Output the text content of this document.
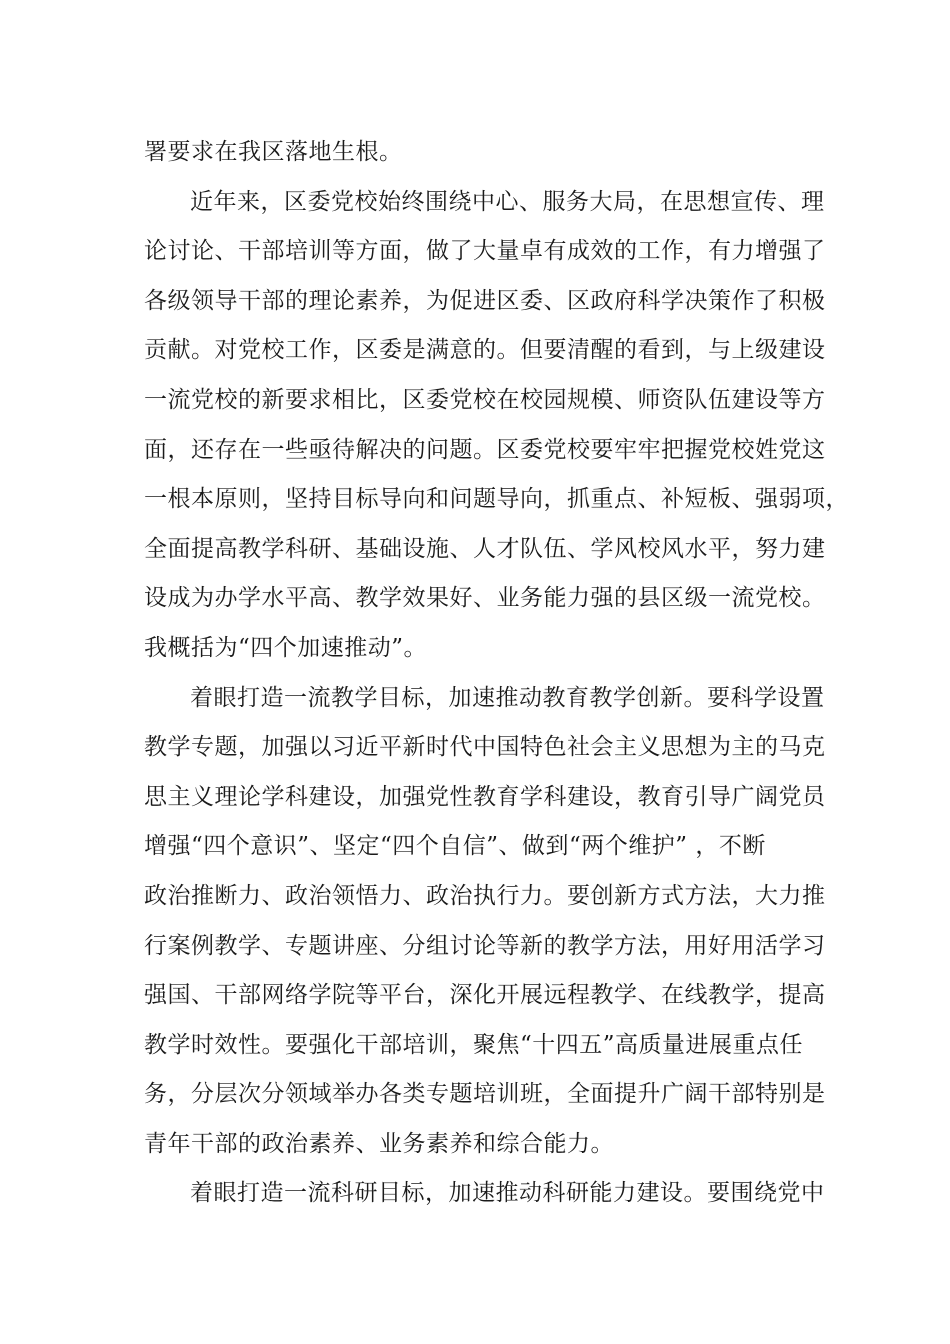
署要求在我区落地生根。
近年来，区委党校始终围绕中心、服务大局，在思想宣传、理
论讨论、干部培训等方面，做了大量卓有成效的工作，有力增强了
各级领导干部的理论素养，为促进区委、区政府科学决策作了积极
贡献。对党校工作，区委是满意的。但要清醒的看到，与上级建设
一流党校的新要求相比，区委党校在校园规模、师资队伍建设等方
面，还存在一些亟待解决的问题。区委党校要牢牢把握党校姓党这
一根本原则，坚持目标导向和问题导向，抓重点、补短板、强弱项，
全面提高教学科研、基础设施、人才队伍、学风校风水平，努力建
设成为办学水平高、教学效果好、业务能力强的县区级一流党校。
我概括为“四个加速推动”。
着眼打造一流教学目标，加速推动教育教学创新。要科学设置
教学专题，加强以习近平新时代中国特色社会主义思想为主的马克
思主义理论学科建设，加强党性教育学科建设，教育引导广阔党员
增强“四个意识”、坚定“四个自信”、做到“两个维护” ，不断
政治推断力、政治领悟力、政治执行力。要创新方式方法，大力推
行案例教学、专题讲座、分组讨论等新的教学方法，用好用活学习
强国、干部网络学院等平台，深化开展远程教学、在线教学，提高
教学时效性。要强化干部培训，聚焦“十四五”高质量进展重点任
务，分层次分领域举办各类专题培训班，全面提升广阔干部特别是
青年干部的政治素养、业务素养和综合能力。
着眼打造一流科研目标，加速推动科研能力建设。要围绕党中
